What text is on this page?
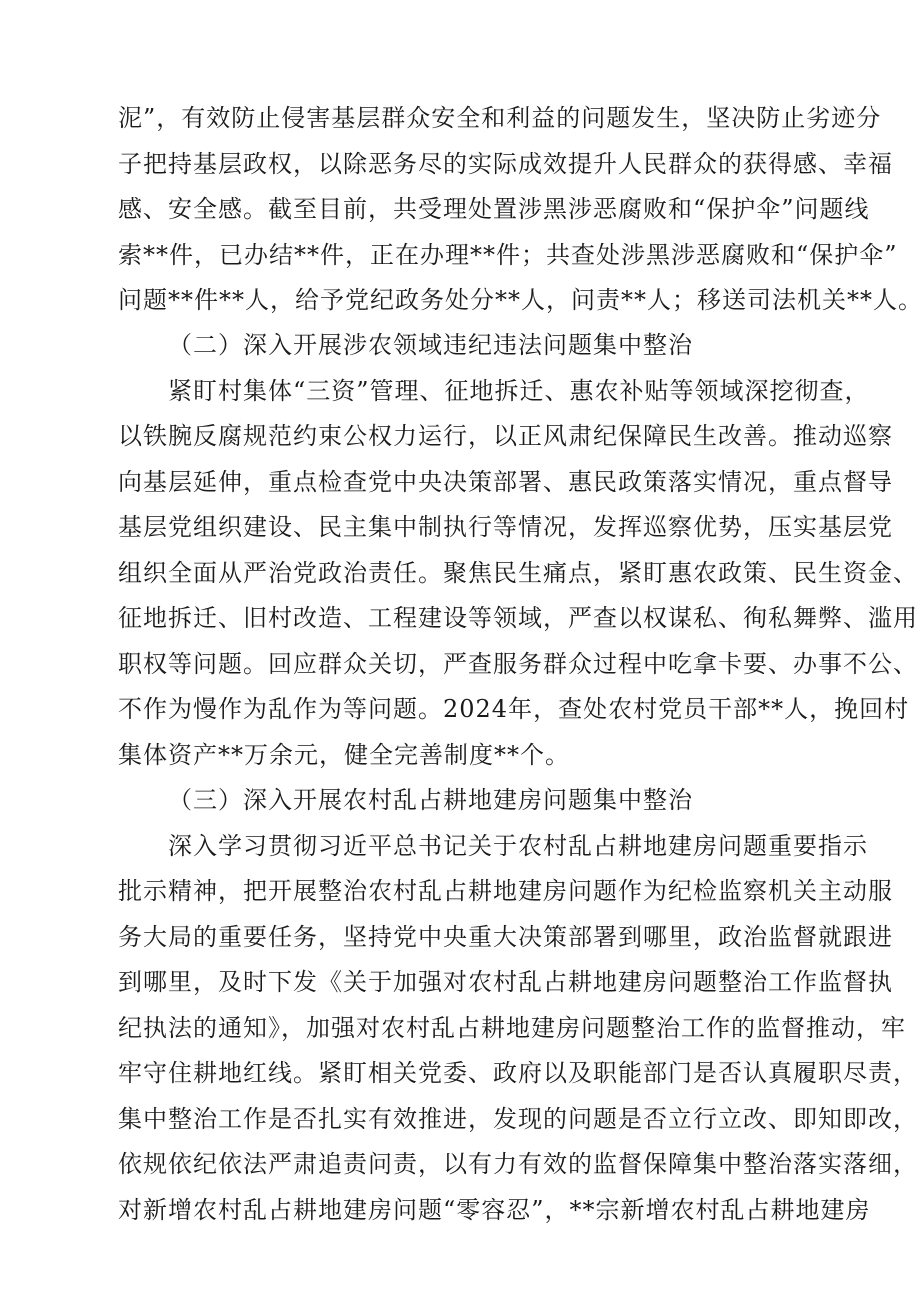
泥”，有效防止侵害基层群众安全和利益的问题发生，坚决防止劣迹分
子把持基层政权，以除恶务尽的实际成效提升人民群众的获得感、幸福
感、安全感。截至目前，共受理处置涉黑涉恶腐败和“保护伞”问题线
索**件，已办结**件，正在办理**件；共查处涉黑涉恶腐败和“保护伞”
问题**件**人，给予党纪政务处分**人，问责**人；移送司法机关**人。
（二）深入开展涉农领域违纪违法问题集中整治
紧盯村集体“三资”管理、征地拆迁、惠农补贴等领域深挖彻查，
以铁腕反腐规范约束公权力运行，以正风肃纪保障民生改善。推动巡察
向基层延伸，重点检查党中央决策部署、惠民政策落实情况，重点督导
基层党组织建设、民主集中制执行等情况，发挥巡察优势，压实基层党
组织全面从严治党政治责任。聚焦民生痛点，紧盯惠农政策、民生资金、
征地拆迁、旧村改造、工程建设等领域，严查以权谋私、徇私舞弊、滥用
职权等问题。回应群众关切，严查服务群众过程中吃拿卡要、办事不公、
不作为慢作为乱作为等问题。2024年，查处农村党员干部**人，挽回村
集体资产**万余元，健全完善制度**个。
（三）深入开展农村乱占耕地建房问题集中整治
深入学习贯彻习近平总书记关于农村乱占耕地建房问题重要指示
批示精神，把开展整治农村乱占耕地建房问题作为纪检监察机关主动服
务大局的重要任务，坚持党中央重大决策部署到哪里，政治监督就跟进
到哪里，及时下发《关于加强对农村乱占耕地建房问题整治工作监督执
纪执法的通知》，加强对农村乱占耕地建房问题整治工作的监督推动，牢
牢守住耕地红线。紧盯相关党委、政府以及职能部门是否认真履职尽责，
集中整治工作是否扎实有效推进，发现的问题是否立行立改、即知即改，
依规依纪依法严肃追责问责，以有力有效的监督保障集中整治落实落细，
对新增农村乱占耕地建房问题“零容忍”，**宗新增农村乱占耕地建房
